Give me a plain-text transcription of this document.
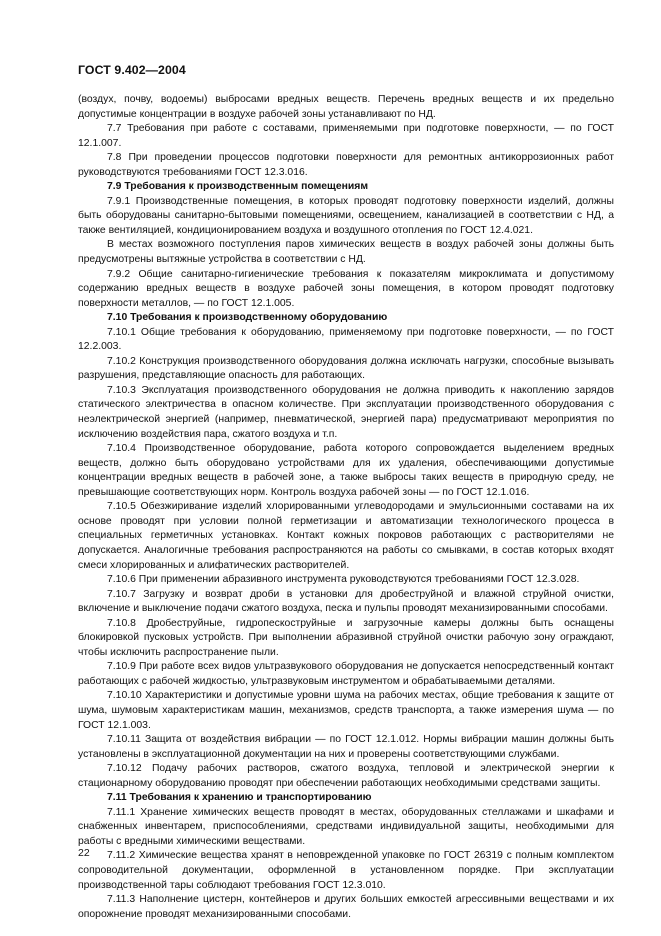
ГОСТ 9.402—2004

(воздух, почву, водоемы) выбросами вредных веществ. Перечень вредных веществ и их предельно допустимые концентрации в воздухе рабочей зоны устанавливают по НД.

7.7 Требования при работе с составами, применяемыми при подготовке поверхности, — по ГОСТ 12.1.007.

7.8 При проведении процессов подготовки поверхности для ремонтных антикоррозионных работ руководствуются требованиями ГОСТ 12.3.016.

7.9 Требования к производственным помещениям

7.9.1 Производственные помещения, в которых проводят подготовку поверхности изделий, должны быть оборудованы санитарно-бытовыми помещениями, освещением, канализацией в соответствии с НД, а также вентиляцией, кондиционированием воздуха и воздушного отопления по ГОСТ 12.4.021.

В местах возможного поступления паров химических веществ в воздух рабочей зоны должны быть предусмотрены вытяжные устройства в соответствии с НД.

7.9.2 Общие санитарно-гигиенические требования к показателям микроклимата и допустимому содержанию вредных веществ в воздухе рабочей зоны помещения, в котором проводят подготовку поверхности металлов, — по ГОСТ 12.1.005.

7.10 Требования к производственному оборудованию

7.10.1 Общие требования к оборудованию, применяемому при подготовке поверхности, — по ГОСТ 12.2.003.

7.10.2 Конструкция производственного оборудования должна исключать нагрузки, способные вызывать разрушения, представляющие опасность для работающих.

7.10.3 Эксплуатация производственного оборудования не должна приводить к накоплению зарядов статического электричества в опасном количестве. При эксплуатации производственного оборудования с неэлектрической энергией (например, пневматической, энергией пара) предусматривают мероприятия по исключению воздействия пара, сжатого воздуха и т.п.

7.10.4 Производственное оборудование, работа которого сопровождается выделением вредных веществ, должно быть оборудовано устройствами для их удаления, обеспечивающими допустимые концентрации вредных веществ в рабочей зоне, а также выбросы таких веществ в природную среду, не превышающие соответствующих норм. Контроль воздуха рабочей зоны — по ГОСТ 12.1.016.

7.10.5 Обезжиривание изделий хлорированными углеводородами и эмульсионными составами на их основе проводят при условии полной герметизации и автоматизации технологического процесса в специальных герметичных установках. Контакт кожных покровов работающих с растворителями не допускается. Аналогичные требования распространяются на работы со смывками, в состав которых входят смеси хлорированных и алифатических растворителей.

7.10.6 При применении абразивного инструмента руководствуются требованиями ГОСТ 12.3.028.

7.10.7 Загрузку и возврат дроби в установки для дробеструйной и влажной струйной очистки, включение и выключение подачи сжатого воздуха, песка и пульпы проводят механизированными способами.

7.10.8 Дробеструйные, гидропескоструйные и загрузочные камеры должны быть оснащены блокировкой пусковых устройств. При выполнении абразивной струйной очистки рабочую зону ограждают, чтобы исключить распространение пыли.

7.10.9 При работе всех видов ультразвукового оборудования не допускается непосредственный контакт работающих с рабочей жидкостью, ультразвуковым инструментом и обрабатываемыми деталями.

7.10.10 Характеристики и допустимые уровни шума на рабочих местах, общие требования к защите от шума, шумовым характеристикам машин, механизмов, средств транспорта, а также измерения шума — по ГОСТ 12.1.003.

7.10.11 Защита от воздействия вибрации — по ГОСТ 12.1.012. Нормы вибрации машин должны быть установлены в эксплуатационной документации на них и проверены соответствующими службами.

7.10.12 Подачу рабочих растворов, сжатого воздуха, тепловой и электрической энергии к стационарному оборудованию проводят при обеспечении работающих необходимыми средствами защиты.

7.11 Требования к хранению и транспортированию

7.11.1 Хранение химических веществ проводят в местах, оборудованных стеллажами и шкафами и снабженных инвентарем, приспособлениями, средствами индивидуальной защиты, необходимыми для работы с вредными химическими веществами.

7.11.2 Химические вещества хранят в неповрежденной упаковке по ГОСТ 26319 с полным комплектом сопроводительной документации, оформленной в установленном порядке. При эксплуатации производственной тары соблюдают требования ГОСТ 12.3.010.

7.11.3 Наполнение цистерн, контейнеров и других больших емкостей агрессивными веществами и их опорожнение проводят механизированными способами.

22
